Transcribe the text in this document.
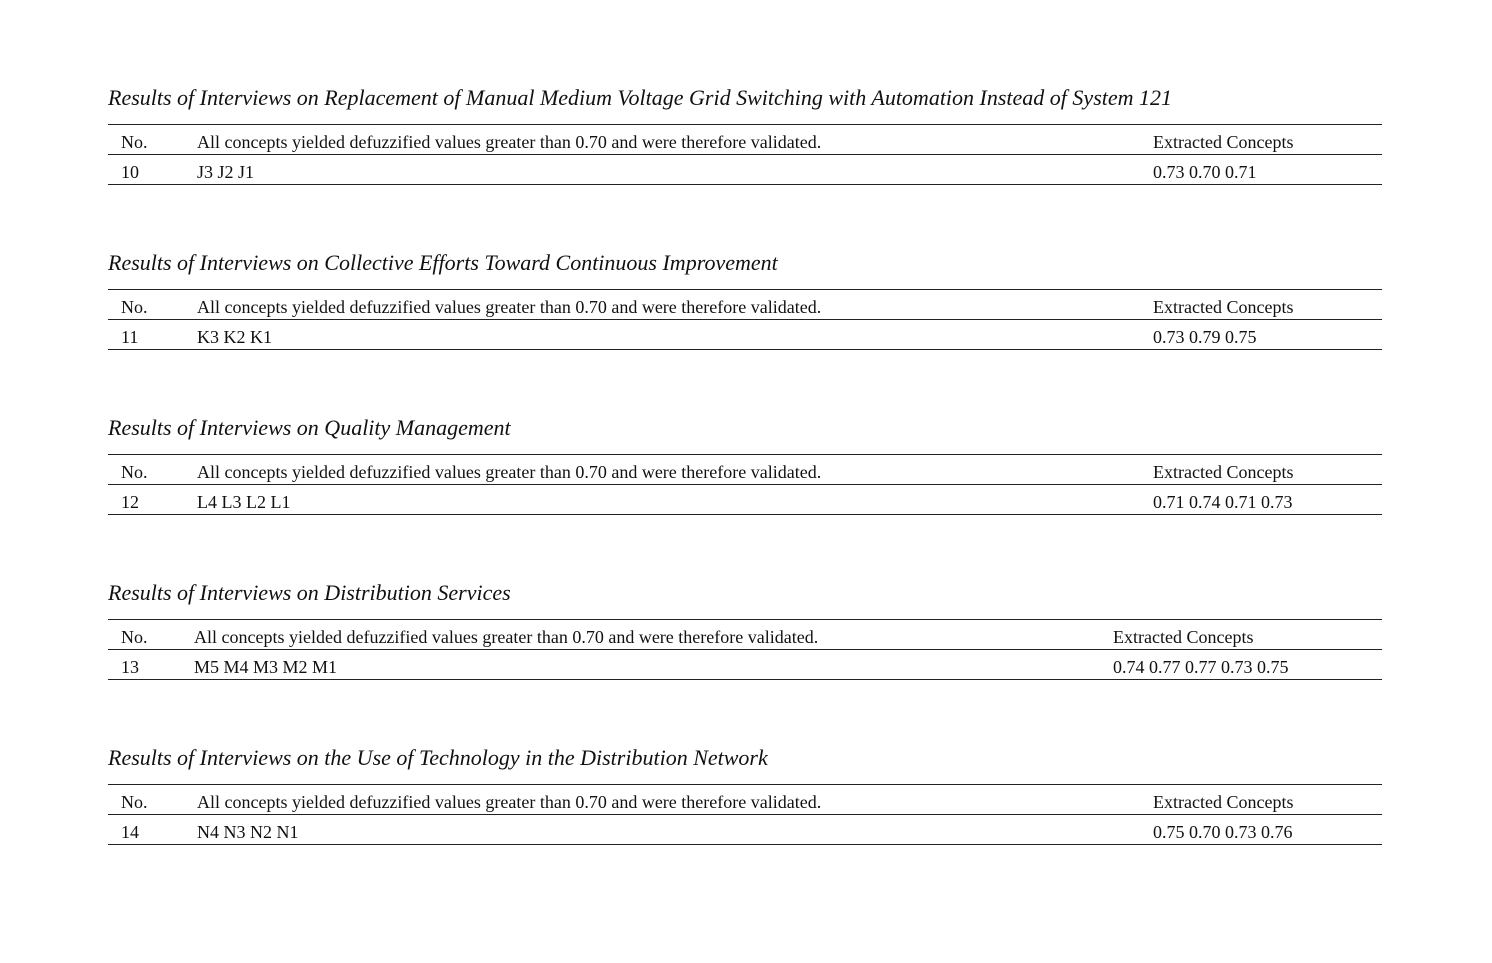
Results of Interviews on Replacement of Manual Medium Voltage Grid Switching with Automation Instead of System 121
No.	All concepts yielded defuzzified values greater than 0.70 and were therefore validated.	Extracted Concepts
10	J3 J2 J1	0.73 0.70 0.71
Results of Interviews on Collective Efforts Toward Continuous Improvement
No.	All concepts yielded defuzzified values greater than 0.70 and were therefore validated.	Extracted Concepts
11	K3 K2 K1	0.73 0.79 0.75
Results of Interviews on Quality Management
No.	All concepts yielded defuzzified values greater than 0.70 and were therefore validated.	Extracted Concepts
12	L4 L3 L2 L1	0.71 0.74 0.71 0.73
Results of Interviews on Distribution Services
No.	All concepts yielded defuzzified values greater than 0.70 and were therefore validated.	Extracted Concepts
13	M5 M4 M3 M2 M1	0.74 0.77 0.77 0.73 0.75
Results of Interviews on the Use of Technology in the Distribution Network
No.	All concepts yielded defuzzified values greater than 0.70 and were therefore validated.	Extracted Concepts
14	N4 N3 N2 N1	0.75 0.70 0.73 0.76
